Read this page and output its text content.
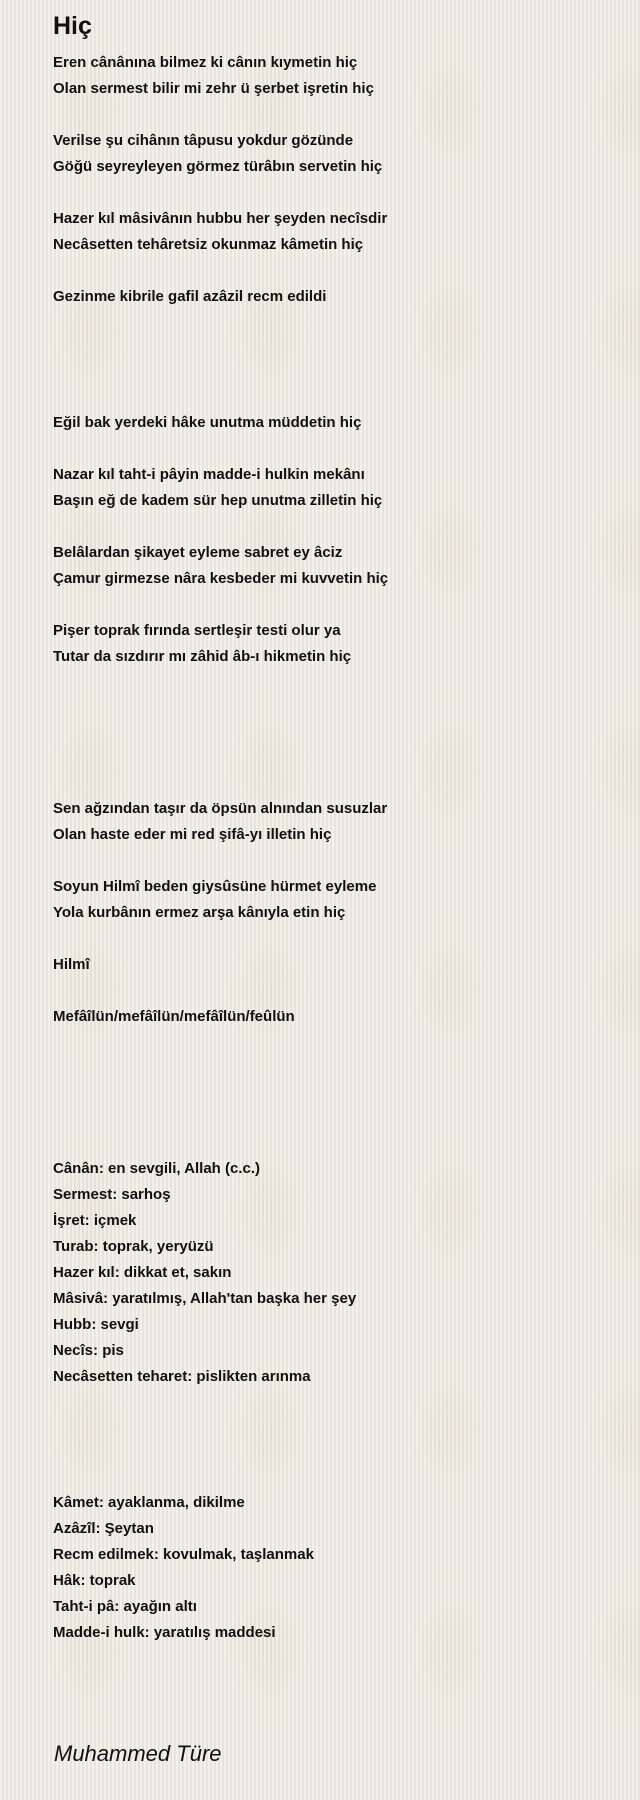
Hiç

Eren cânânına bilmez ki cânın kıymetin hiç

Olan sermest bilir mi zehr ü şerbet işretin hiç

Verilse şu cihânın tâpusu yokdur gözünde

Göğü seyreyleyen görmez türâbın servetin hiç

Hazer kıl mâsivânın hubbu her şeyden necîsdir

Necâsetten tehâretsiz okunmaz kâmetin hiç

Gezinme kibrile gafil azâzil recm edildi

Eğil bak yerdeki hâke unutma müddetin hiç

Nazar kıl taht-i pâyin madde-i hulkin mekânı

Başın eğ de kadem sür hep unutma zilletin hiç

Belâlardan şikayet eyleme sabret ey âciz

Çamur girmezse nâra kesbeder mi kuvvetin hiç

Pişer toprak fırında sertleşir testi olur ya

Tutar da sızdırır mı zâhid âb-ı hikmetin hiç

Sen ağzından taşır da öpsün alnından susuzlar

Olan haste eder mi red şifâ-yı illetin hiç

Soyun Hilmî beden giysûsüne hürmet eyleme

Yola kurbânın ermez arşa kânıyla etin hiç

Hilmî

Mefâîlün/mefâîlün/mefâîlün/feûlün

Cânân: en sevgili, Allah (c.c.)

Sermest: sarhoş

İşret: içmek

Turab: toprak, yeryüzü

Hazer kıl: dikkat et, sakın

Mâsivâ: yaratılmış, Allah'tan başka her şey

Hubb: sevgi

Necîs: pis

Necâsetten teharet: pislikten arınma

Kâmet: ayaklanma, dikilme

Azâzîl: Şeytan

Recm edilmek: kovulmak, taşlanmak

Hâk: toprak

Taht-i pâ: ayağın altı

Madde-i hulk: yaratılış maddesi

Muhammed Türe
